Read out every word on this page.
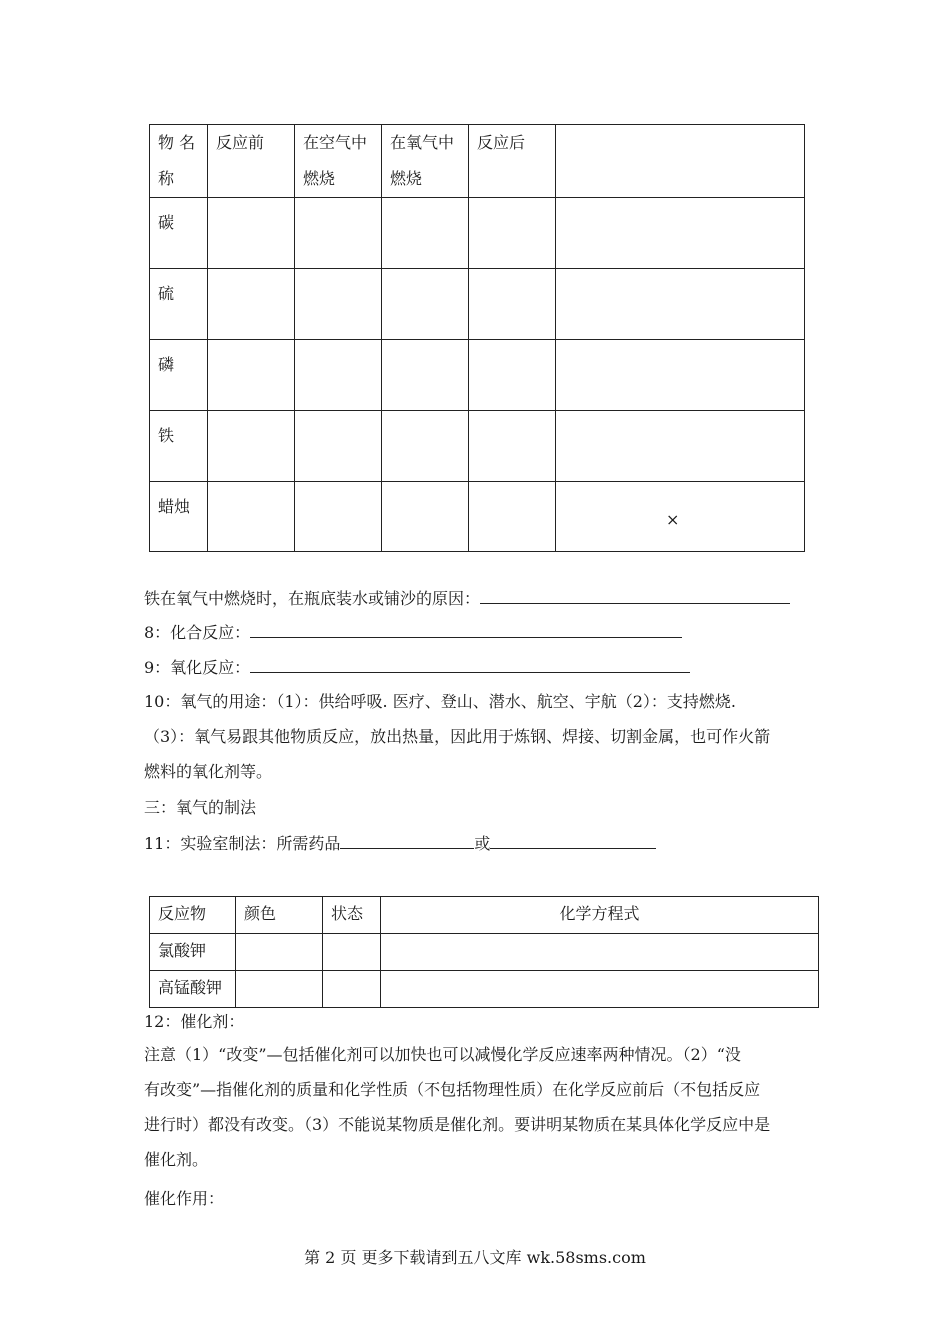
物 名称	反应前	在空气中燃烧	在氧气中燃烧	反应后	
碳					
硫					
磷					
铁					
蜡烛					×
铁在氧气中燃烧时，在瓶底装水或铺沙的原因：
8：化合反应：
9：氧化反应：
10：氧气的用途：（1）：供给呼吸. 医疗、登山、潜水、航空、宇航（2）：支持燃烧.
（3）：氧气易跟其他物质反应，放出热量，因此用于炼钢、焊接、切割金属，也可作火箭
燃料的氧化剂等。
三：氧气的制法
11：实验室制法：所需药品	或
反应物	颜色	状态	化学方程式
氯酸钾			
高锰酸钾			
12：催化剂：
注意（1）“改变”—包括催化剂可以加快也可以减慢化学反应速率两种情况。（2）“没
有改变”—指催化剂的质量和化学性质（不包括物理性质）在化学反应前后（不包括反应
进行时）都没有改变。（3）不能说某物质是催化剂。要讲明某物质在某具体化学反应中是
催化剂。
催化作用：
第 2 页 更多下载请到五八文库 wk.58sms.com
